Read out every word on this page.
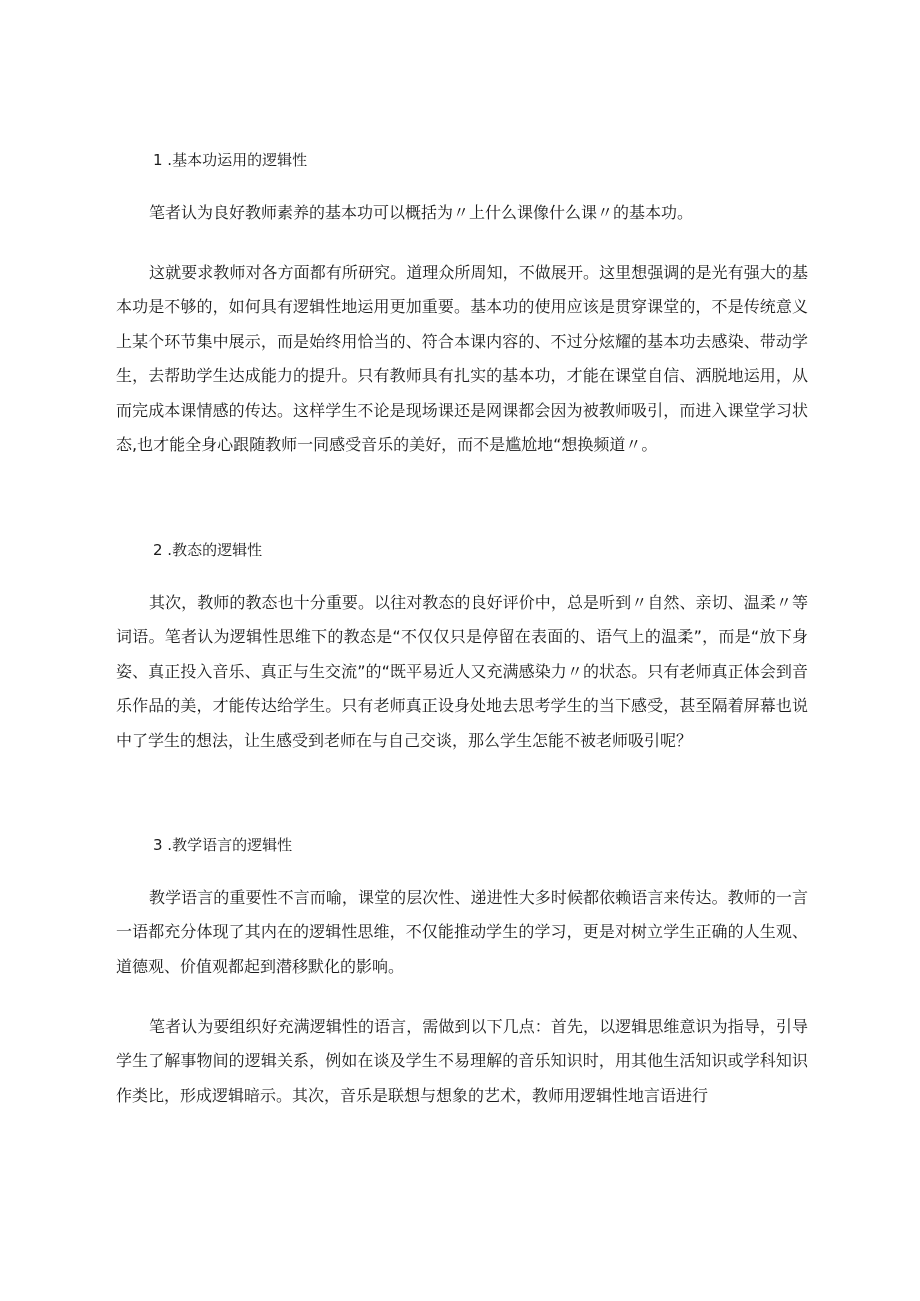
1 .基本功运用的逻辑性

笔者认为良好教师素养的基本功可以概括为〃上什么课像什么课〃的基本功。

这就要求教师对各方面都有所研究。道理众所周知，不做展开。这里想强调的是光有强大的基本功是不够的，如何具有逻辑性地运用更加重要。基本功的使用应该是贯穿课堂的，不是传统意义上某个环节集中展示，而是始终用恰当的、符合本课内容的、不过分炫耀的基本功去感染、带动学生，去帮助学生达成能力的提升。只有教师具有扎实的基本功，才能在课堂自信、洒脱地运用，从而完成本课情感的传达。这样学生不论是现场课还是网课都会因为被教师吸引，而进入课堂学习状态,也才能全身心跟随教师一同感受音乐的美好，而不是尴尬地“想换频道〃。

2 .教态的逻辑性

其次，教师的教态也十分重要。以往对教态的良好评价中，总是听到〃自然、亲切、温柔〃等词语。笔者认为逻辑性思维下的教态是“不仅仅只是停留在表面的、语气上的温柔”，而是“放下身姿、真正投入音乐、真正与生交流”的“既平易近人又充满感染力〃的状态。只有老师真正体会到音乐作品的美，才能传达给学生。只有老师真正设身处地去思考学生的当下感受，甚至隔着屏幕也说中了学生的想法，让生感受到老师在与自己交谈，那么学生怎能不被老师吸引呢？

3 .教学语言的逻辑性

教学语言的重要性不言而喻，课堂的层次性、递进性大多时候都依赖语言来传达。教师的一言一语都充分体现了其内在的逻辑性思维，不仅能推动学生的学习，更是对树立学生正确的人生观、道德观、价值观都起到潜移默化的影响。

笔者认为要组织好充满逻辑性的语言，需做到以下几点：首先，以逻辑思维意识为指导，引导学生了解事物间的逻辑关系，例如在谈及学生不易理解的音乐知识时，用其他生活知识或学科知识作类比，形成逻辑暗示。其次，音乐是联想与想象的艺术，教师用逻辑性地言语进行
